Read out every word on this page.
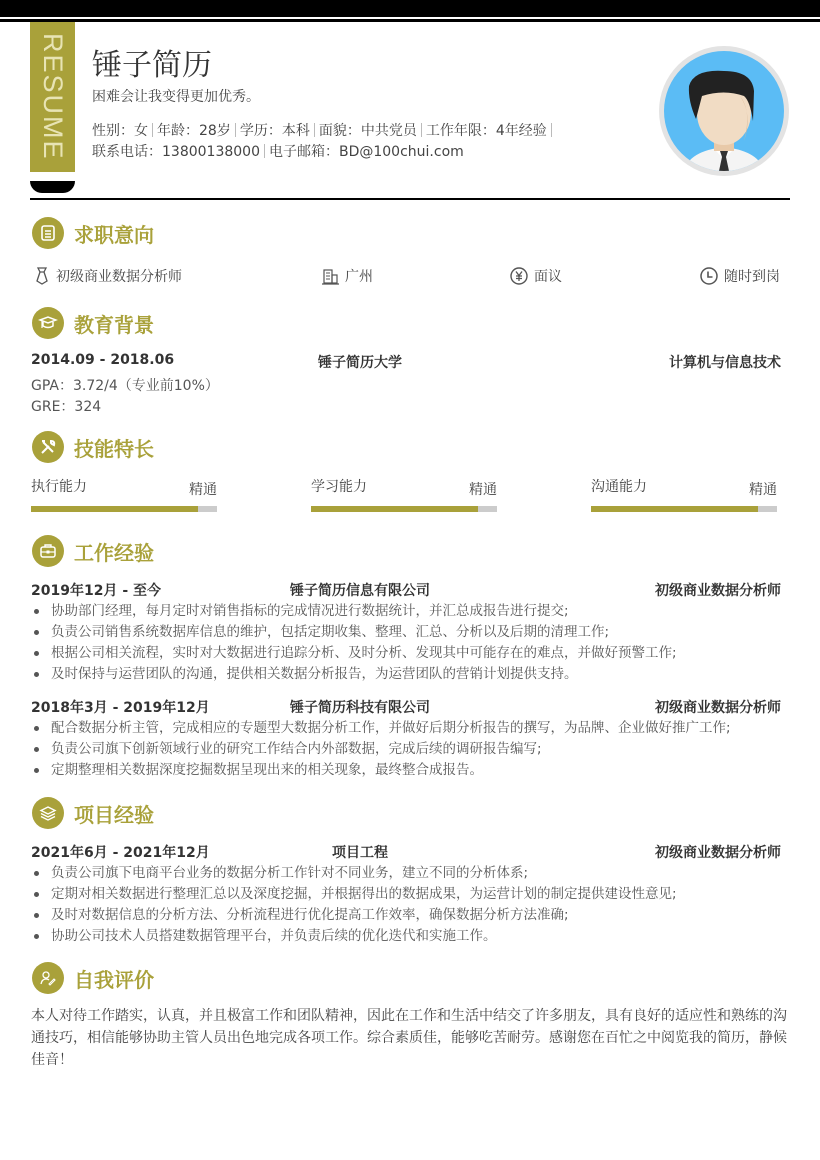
RESUME 锤子简历
困难会让我变得更加优秀。
性别：女 年龄：28岁 学历：本科 面貌：中共党员 工作年限：4年经验
联系电话：13800138000 电子邮箱：BD@100chui.com
求职意向
初级商业数据分析师	广州	面议	随时到岗
教育背景
2014.09 - 2018.06	锤子简历大学	计算机与信息技术
GPA：3.72/4（专业前10%）
GRE：324
技能特长
执行能力	精通	学习能力	精通	沟通能力	精通
工作经验
2019年12月 - 至今	锤子简历信息有限公司	初级商业数据分析师
协助部门经理，每月定时对销售指标的完成情况进行数据统计，并汇总成报告进行提交;
负责公司销售系统数据库信息的维护，包括定期收集、整理、汇总、分析以及后期的清理工作;
根据公司相关流程，实时对大数据进行追踪分析、及时分析、发现其中可能存在的难点，并做好预警工作;
及时保持与运营团队的沟通，提供相关数据分析报告，为运营团队的营销计划提供支持。
2018年3月 - 2019年12月	锤子简历科技有限公司	初级商业数据分析师
配合数据分析主管，完成相应的专题型大数据分析工作，并做好后期分析报告的撰写，为品牌、企业做好推广工作;
负责公司旗下创新领域行业的研究工作结合内外部数据，完成后续的调研报告编写;
定期整理相关数据深度挖掘数据呈现出来的相关现象，最终整合成报告。
项目经验
2021年6月 - 2021年12月	项目工程	初级商业数据分析师
负责公司旗下电商平台业务的数据分析工作针对不同业务，建立不同的分析体系;
定期对相关数据进行整理汇总以及深度挖掘，并根据得出的数据成果，为运营计划的制定提供建设性意见;
及时对数据信息的分析方法、分析流程进行优化提高工作效率，确保数据分析方法准确;
协助公司技术人员搭建数据管理平台，并负责后续的优化迭代和实施工作。
自我评价

本人对待工作踏实，认真，并且极富工作和团队精神，因此在工作和生活中结交了许多朋友，具有良好的适应性和熟练的沟通技巧，相信能够协助主管人员出色地完成各项工作。综合素质佳，能够吃苦耐劳。感谢您在百忙之中阅览我的简历，静候佳音！
